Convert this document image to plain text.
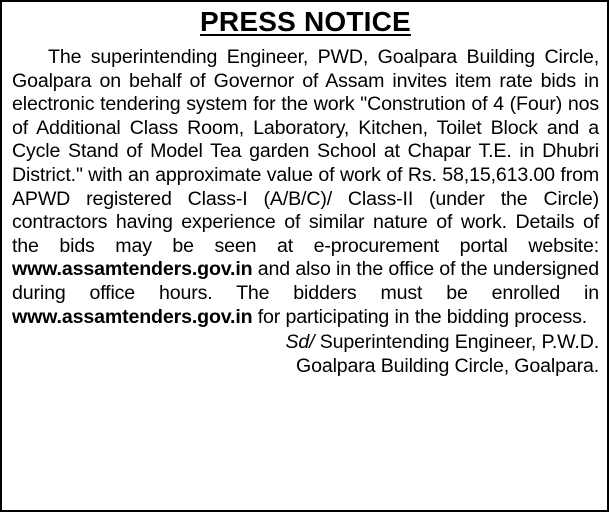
PRESS NOTICE

The superintending Engineer, PWD, Goalpara Building Circle, Goalpara on behalf of Governor of Assam invites item rate bids in electronic tendering system for the work "Constrution of 4 (Four) nos of Additional Class Room, Laboratory, Kitchen, Toilet Block and a Cycle Stand of Model Tea garden School at Chapar T.E. in Dhubri District." with an approximate value of work of Rs. 58,15,613.00 from APWD registered Class-I (A/B/C)/ Class-II (under the Circle) contractors having experience of similar nature of work. Details of the bids may be seen at e-procurement portal website: www.assamtenders.gov.in and also in the office of the undersigned during office hours. The bidders must be enrolled in www.assamtenders.gov.in for participating in the bidding process.

Sd/ Superintending Engineer, P.W.D.
Goalpara Building Circle, Goalpara.
